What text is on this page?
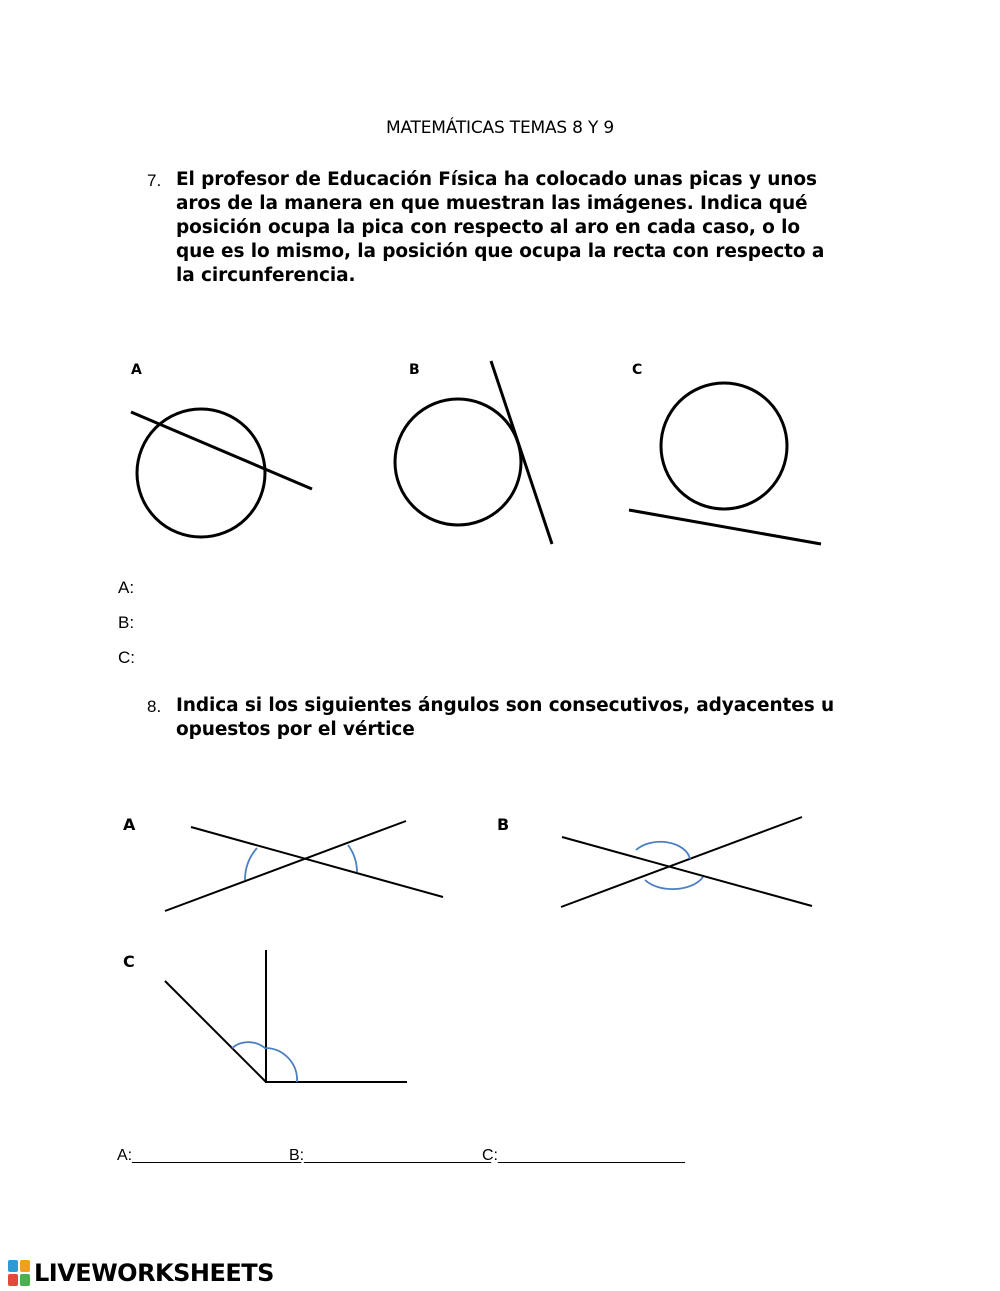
MATEMÁTICAS TEMAS 8 Y 9
7. El profesor de Educación Física ha colocado unas picas y unos
aros de la manera en que muestran las imágenes. Indica qué
posición ocupa la pica con respecto al aro en cada caso, o lo
que es lo mismo, la posición que ocupa la recta con respecto a
la circunferencia.
A	B	C
A:
B:
C:
8. Indica si los siguientes ángulos son consecutivos, adyacentes u
opuestos por el vértice
A	B
C
A:___________________
B:_____________________
C:_____________________
LIVEWORKSHEETS
